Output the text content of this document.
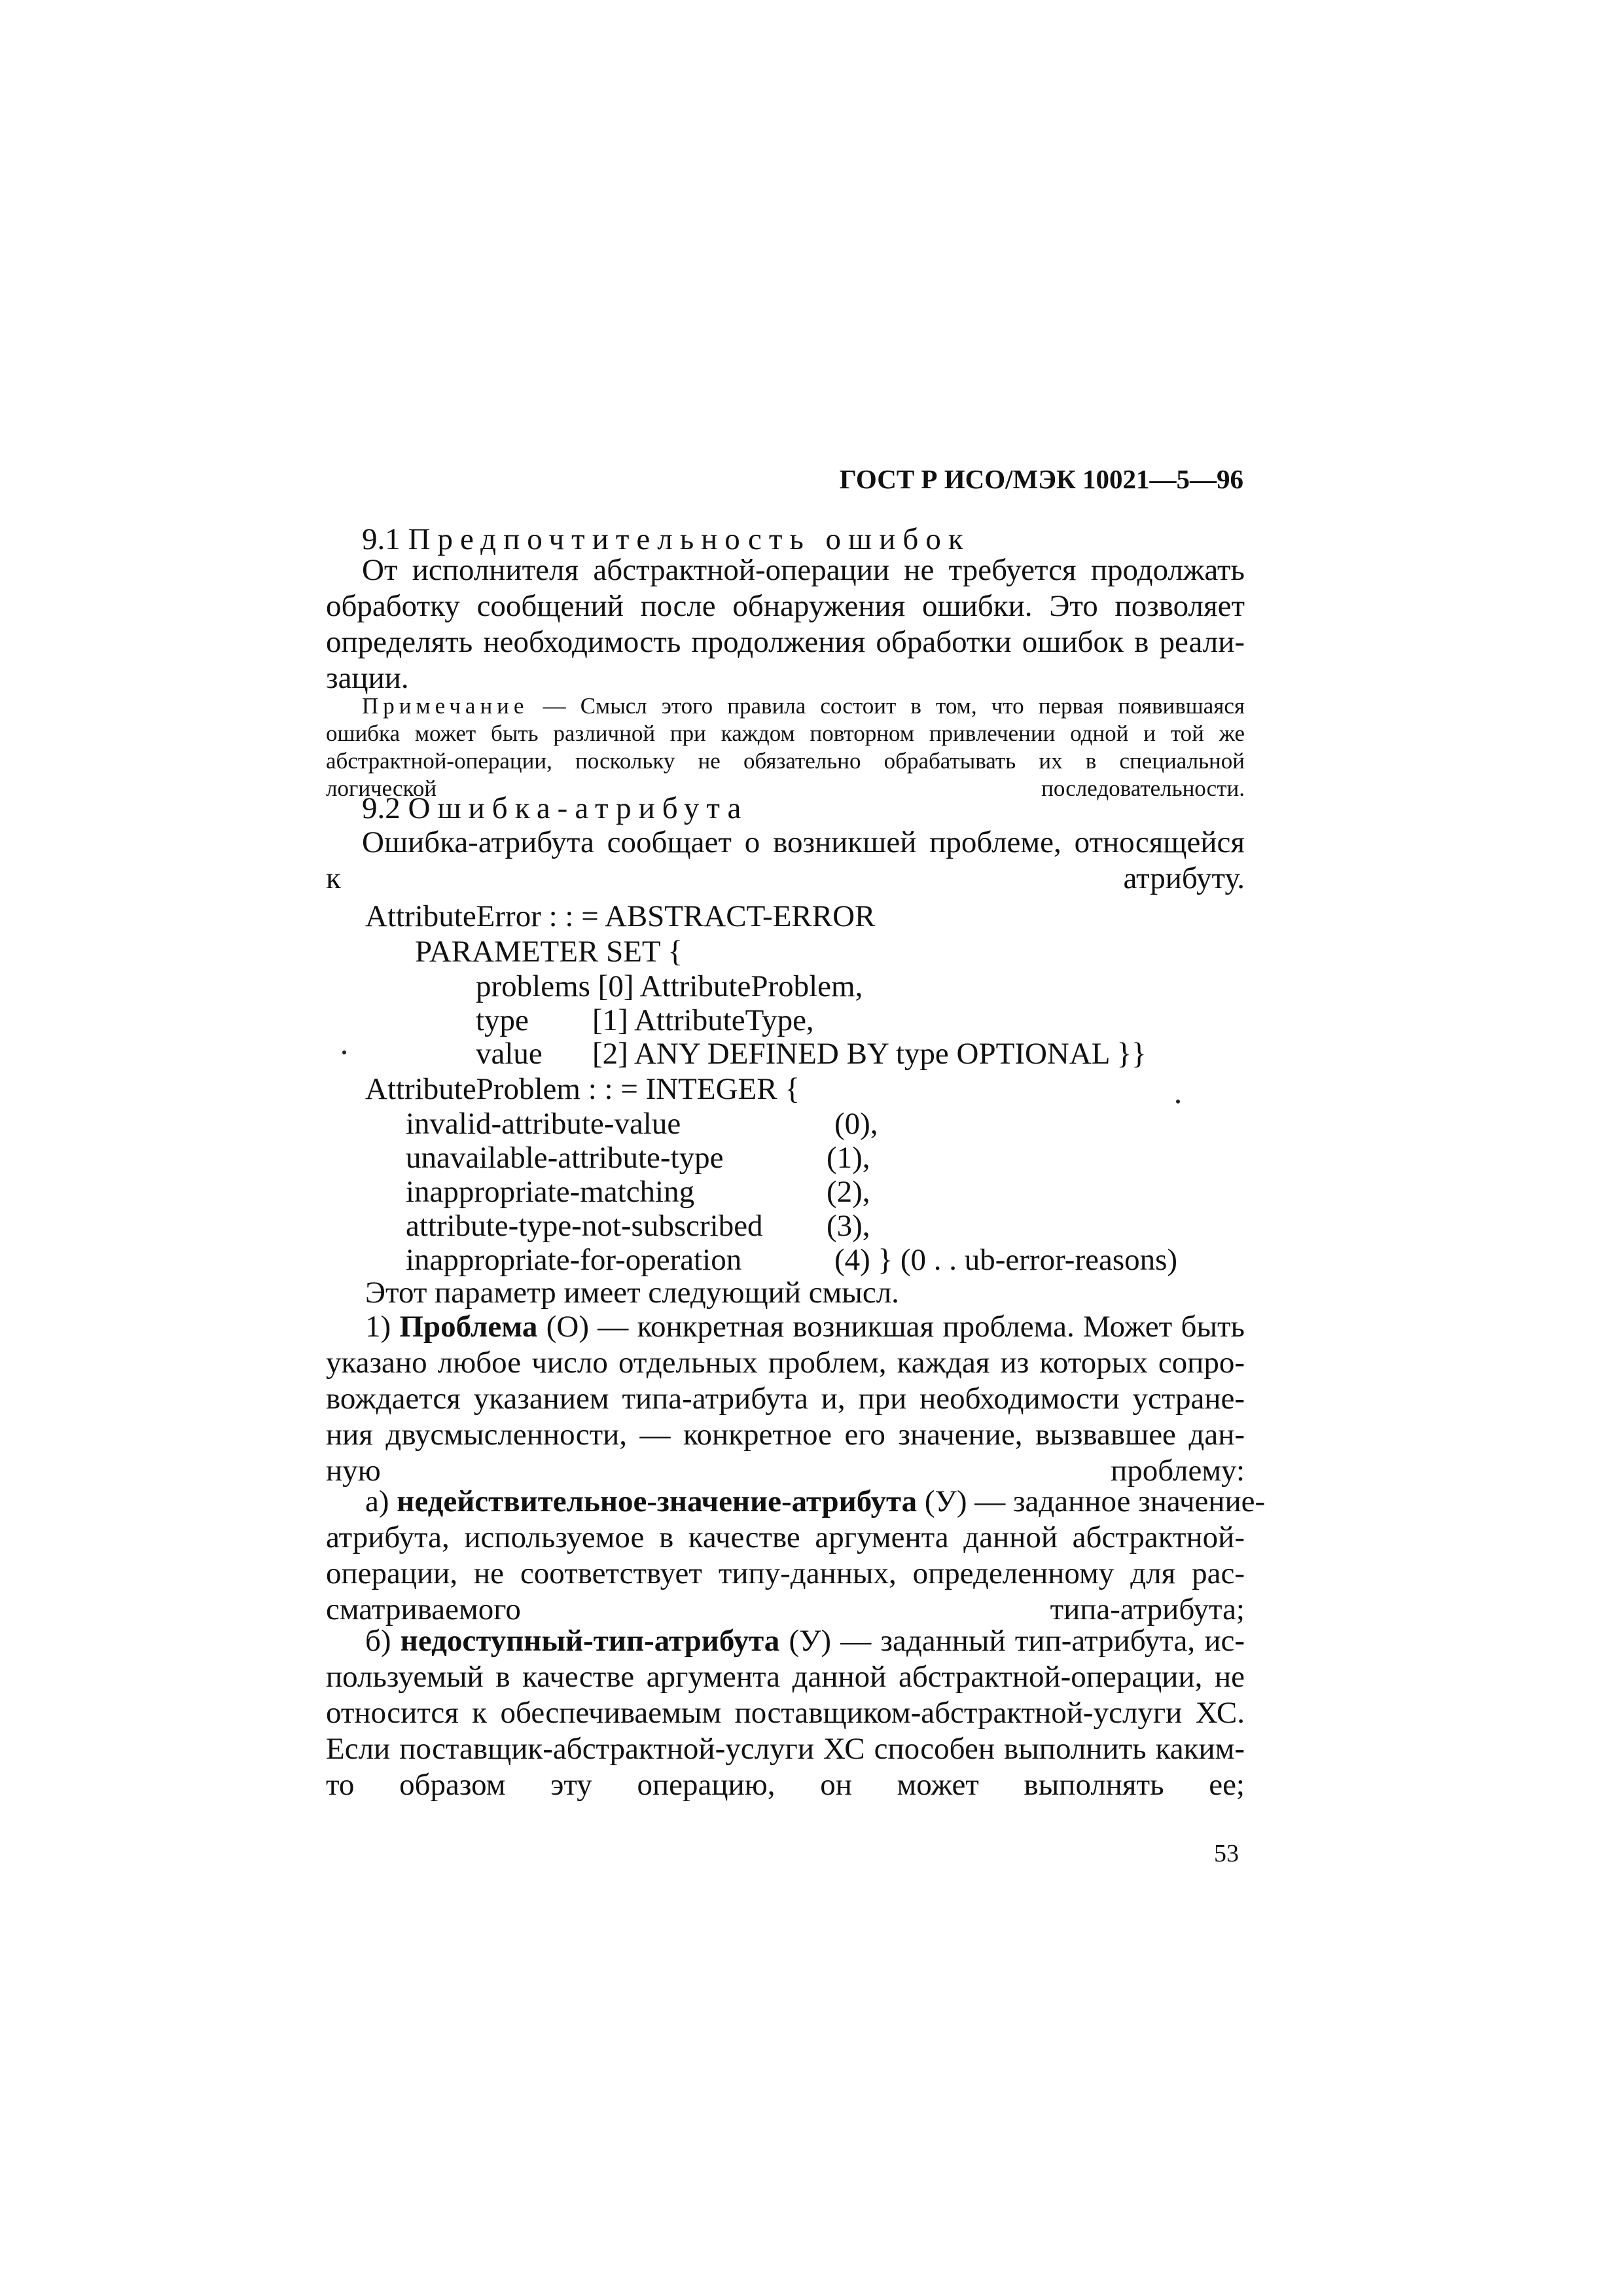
ГОСТ Р ИСО/МЭК 10021—5—96
9.1 Предпочтительность ошибок
От исполнителя абстрактной-операции не требуется продолжать
обработку сообщений после обнаружения ошибки. Это позволяет
определять необходимость продолжения обработки ошибок в реали-
зации.
Примечание — Смысл этого правила состоит в том, что первая появившаяся
ошибка может быть различной при каждом повторном привлечении одной и той же
абстрактной-операции, поскольку не обязательно обрабатывать их в специальной
логической последовательности.
9.2 Ошибка-атрибута
Ошибка-атрибута сообщает о возникшей проблеме, относящейся
к атрибуту.
AttributeError : : = ABSTRACT-ERROR
PARAMETER SET {
problems [0] AttributeProblem,
type [1] AttributeType,
value [2] ANY DEFINED BY type OPTIONAL }}
AttributeProblem : : = INTEGER {
invalid-attribute-value	(0),
unavailable-attribute-type	(1),
inappropriate-matching	(2),
attribute-type-not-subscribed (3),
inappropriate-for-operation	(4) } (0 . . ub-error-reasons)
Этот параметр имеет следующий смысл.
1) Проблема (О) — конкретная возникшая проблема. Может быть
указано любое число отдельных проблем, каждая из которых сопро-
вождается указанием типа-атрибута и, при необходимости устране-
ния двусмысленности, — конкретное его значение, вызвавшее дан-
ную проблему:
а) недействительное-значение-атрибута (У) — заданное значение-
атрибута, используемое в качестве аргумента данной абстрактной-
операции, не соответствует типу-данных, определенному для рас-
сматриваемого типа-атрибута;
б) недоступный-тип-атрибута (У) — заданный тип-атрибута, ис-
пользуемый в качестве аргумента данной абстрактной-операции, не
относится к обеспечиваемым поставщиком-абстрактной-услуги ХС.
Если поставщик-абстрактной-услуги ХС способен выполнить каким-
то образом эту операцию, он может выполнять ее;
53
